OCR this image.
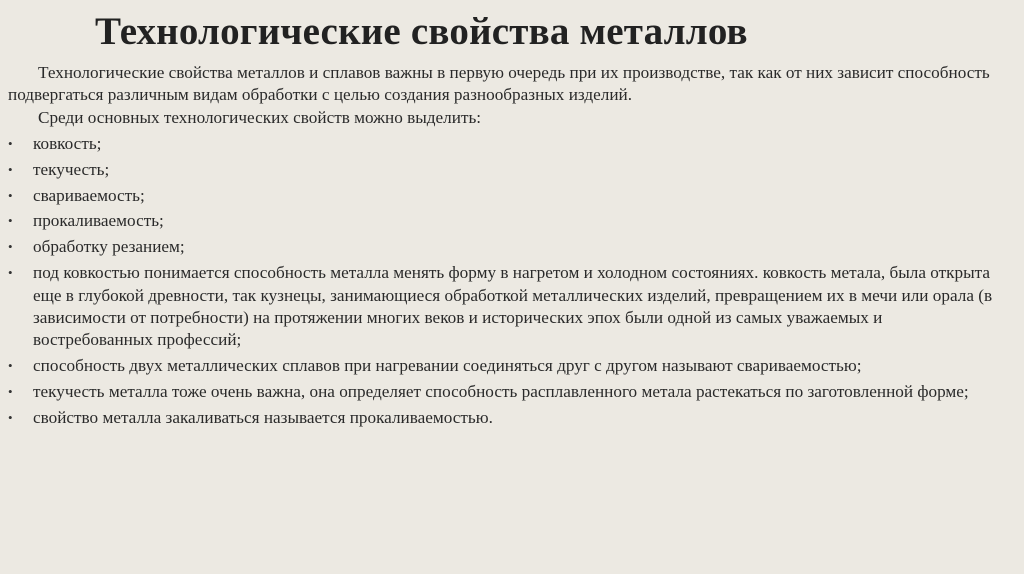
Технологические свойства металлов

Технологические свойства металлов и сплавов важны в первую очередь при их производстве, так как от них зависит способность подвергаться различным видам обработки с целью создания разнообразных изделий.

Среди основных технологических свойств можно выделить:

• ковкость;
• текучесть;
• свариваемость;
• прокаливаемость;
• обработку резанием;
• под ковкостью понимается способность металла менять форму в нагретом и холодном состояниях. ковкость метала, была открыта еще в глубокой древности, так кузнецы, занимающиеся обработкой металлических изделий, превращением их в мечи или орала (в зависимости от потребности) на протяжении многих веков и исторических эпох были одной из самых уважаемых и востребованных профессий;
• способность двух металлических сплавов при нагревании соединяться друг с другом называют свариваемостью;
• текучесть металла тоже очень важна, она определяет способность расплавленного метала растекаться по заготовленной форме;
• свойство металла закаливаться называется прокаливаемостью.
